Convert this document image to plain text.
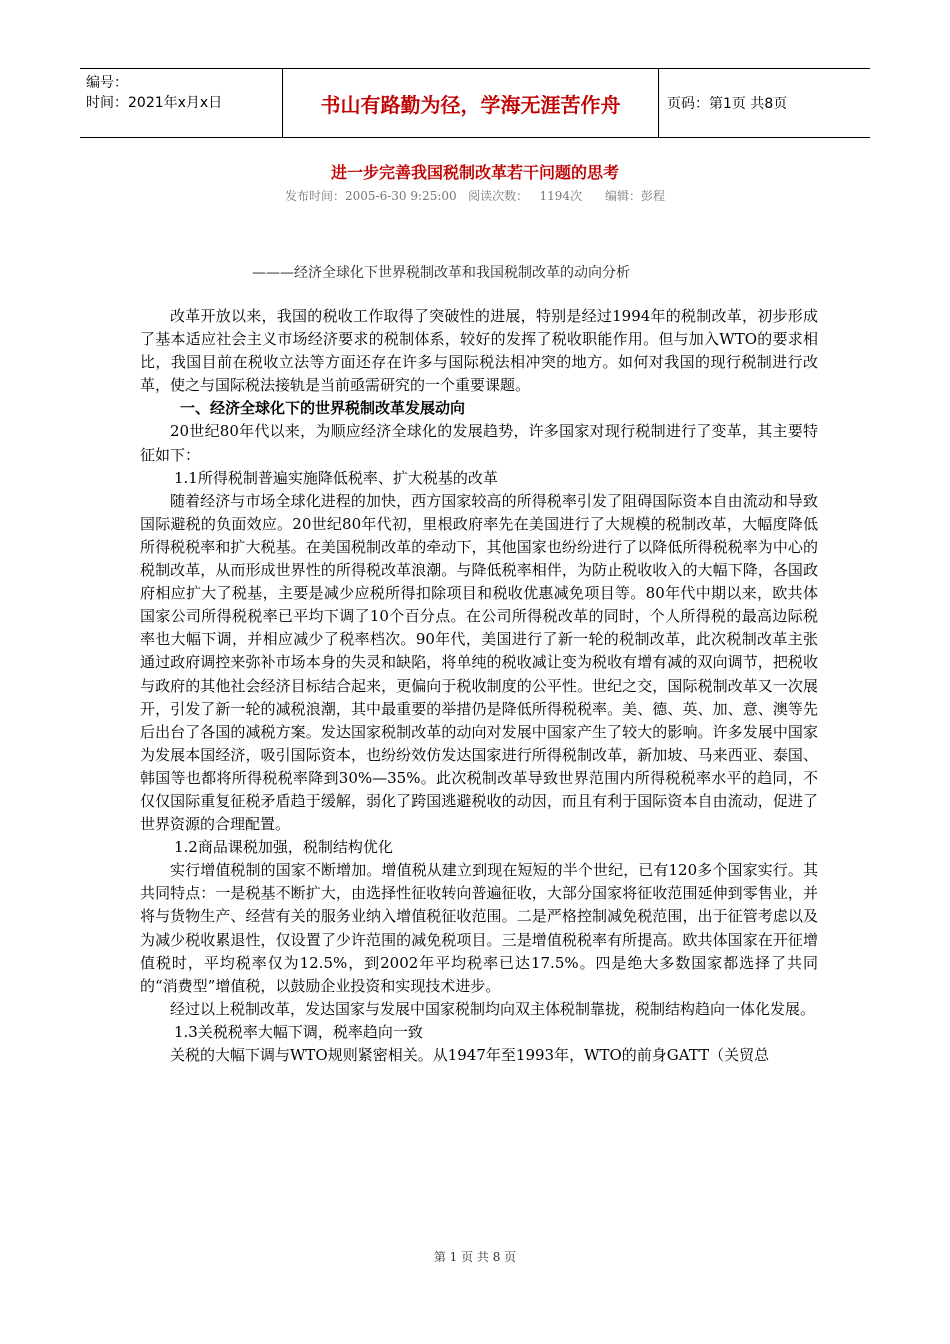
编号：
时间：2021年x月x日	书山有路勤为径，学海无涯苦作舟	页码：第1页 共8页
进一步完善我国税制改革若干问题的思考
发布时间：2005-6-30 9:25:00   阅读次数：   1194次      编辑：彭程
———经济全球化下世界税制改革和我国税制改革的动向分析

改革开放以来，我国的税收工作取得了突破性的进展，特别是经过1994年的税制改革，初步形成了基本适应社会主义市场经济要求的税制体系，较好的发挥了税收职能作用。但与加入WTO的要求相比，我国目前在税收立法等方面还存在许多与国际税法相冲突的地方。如何对我国的现行税制进行改革，使之与国际税法接轨是当前亟需研究的一个重要课题。

一、经济全球化下的世界税制改革发展动向

20世纪80年代以来，为顺应经济全球化的发展趋势，许多国家对现行税制进行了变革，其主要特征如下：

1.1所得税制普遍实施降低税率、扩大税基的改革

随着经济与市场全球化进程的加快，西方国家较高的所得税率引发了阻碍国际资本自由流动和导致国际避税的负面效应。20世纪80年代初，里根政府率先在美国进行了大规模的税制改革，大幅度降低所得税税率和扩大税基。在美国税制改革的牵动下，其他国家也纷纷进行了以降低所得税税率为中心的税制改革，从而形成世界性的所得税改革浪潮。与降低税率相伴，为防止税收收入的大幅下降，各国政府相应扩大了税基，主要是减少应税所得扣除项目和税收优惠减免项目等。80年代中期以来，欧共体国家公司所得税税率已平均下调了10个百分点。在公司所得税改革的同时，个人所得税的最高边际税率也大幅下调，并相应减少了税率档次。90年代，美国进行了新一轮的税制改革，此次税制改革主张通过政府调控来弥补市场本身的失灵和缺陷，将单纯的税收减让变为税收有增有减的双向调节，把税收与政府的其他社会经济目标结合起来，更偏向于税收制度的公平性。世纪之交，国际税制改革又一次展开，引发了新一轮的减税浪潮，其中最重要的举措仍是降低所得税税率。美、德、英、加、意、澳等先后出台了各国的减税方案。发达国家税制改革的动向对发展中国家产生了较大的影响。许多发展中国家为发展本国经济，吸引国际资本，也纷纷效仿发达国家进行所得税制改革，新加坡、马来西亚、泰国、韩国等也都将所得税税率降到30%—35%。此次税制改革导致世界范围内所得税税率水平的趋同，不仅仅国际重复征税矛盾趋于缓解，弱化了跨国逃避税收的动因，而且有利于国际资本自由流动，促进了世界资源的合理配置。

1.2商品课税加强，税制结构优化

实行增值税制的国家不断增加。增值税从建立到现在短短的半个世纪，已有120多个国家实行。其共同特点：一是税基不断扩大，由选择性征收转向普遍征收，大部分国家将征收范围延伸到零售业，并将与货物生产、经营有关的服务业纳入增值税征收范围。二是严格控制减免税范围，出于征管考虑以及为减少税收累退性，仅设置了少许范围的减免税项目。三是增值税税率有所提高。欧共体国家在开征增值税时，平均税率仅为12.5%，到2002年平均税率已达17.5%。四是绝大多数国家都选择了共同的“消费型”增值税，以鼓励企业投资和实现技术进步。

经过以上税制改革，发达国家与发展中国家税制均向双主体税制靠拢，税制结构趋向一体化发展。

1.3关税税率大幅下调，税率趋向一致

关税的大幅下调与WTO规则紧密相关。从1947年至1993年，WTO的前身GATT（关贸总

第 1 页 共 8 页
